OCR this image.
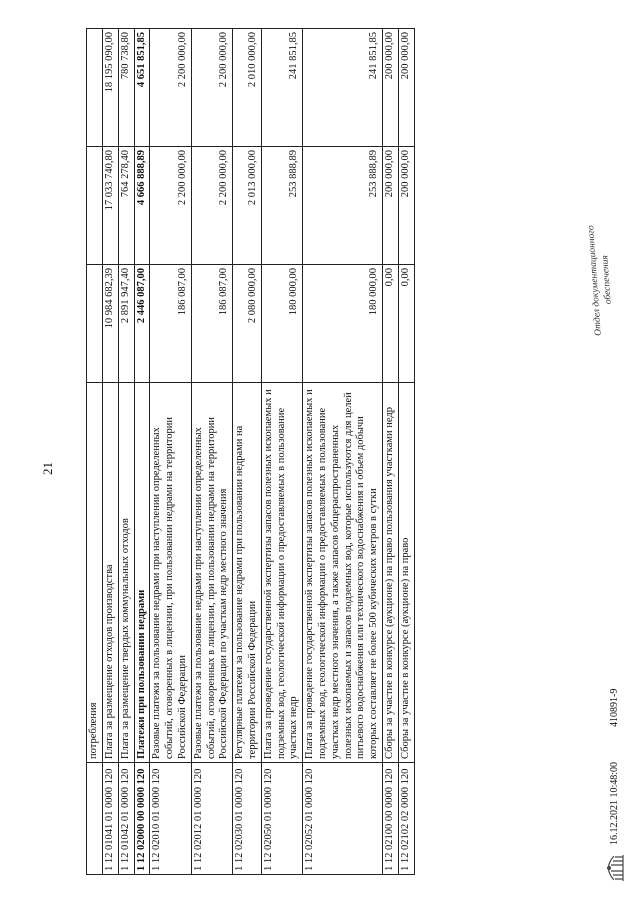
21
	потребления			
1 12 01041 01 0000 120	Плата за размещение отходов производства	10 984 682,39	17 033 740,80	18 195 090,00
1 12 01042 01 0000 120	Плата за размещение твердых коммунальных отходов	2 891 947,40	764 278,40	780 738,80
1 12 02000 00 0000 120	Платежи при пользовании недрами	2 446 087,00	4 666 888,89	4 651 851,85
1 12 02010 01 0000 120	Разовые платежи за пользование недрами при наступлении определенных событий, оговоренных в лицензии, при пользовании недрами на территории Российской Федерации	186 087,00	2 200 000,00	2 200 000,00
1 12 02012 01 0000 120	Разовые платежи за пользование недрами при наступлении определенных событий, оговоренных в лицензии, при пользовании недрами на территории Российской Федерации по участкам недр местного значения	186 087,00	2 200 000,00	2 200 000,00
1 12 02030 01 0000 120	Регулярные платежи за пользование недрами при пользовании недрами на территории Российской Федерации	2 080 000,00	2 013 000,00	2 010 000,00
1 12 02050 01 0000 120	Плата за проведение государственной экспертизы запасов полезных ископаемых и подземных вод, геологической информации о предоставляемых в пользование участках недр	180 000,00	253 888,89	241 851,85
1 12 02052 01 0000 120	Плата за проведение государственной экспертизы запасов полезных ископаемых и подземных вод, геологической информации о предоставляемых в пользование участках недр местного значения, а также запасов общераспространенных полезных ископаемых и запасов подземных вод, которые используются для целей питьевого водоснабжения или технического водоснабжения и объем добычи которых составляет не более 500 кубических метров в сутки	180 000,00	253 888,89	241 851,85
1 12 02100 00 0000 120	Сборы за участие в конкурсе (аукционе) на право пользования участками недр	0,00	200 000,00	200 000,00
1 12 02102 02 0000 120	Сборы за участие в конкурсе (аукционе) на право	0,00	200 000,00	200 000,00
16.12.2021 10:48:00
410891-9
Отдел документационного
обеспечения
